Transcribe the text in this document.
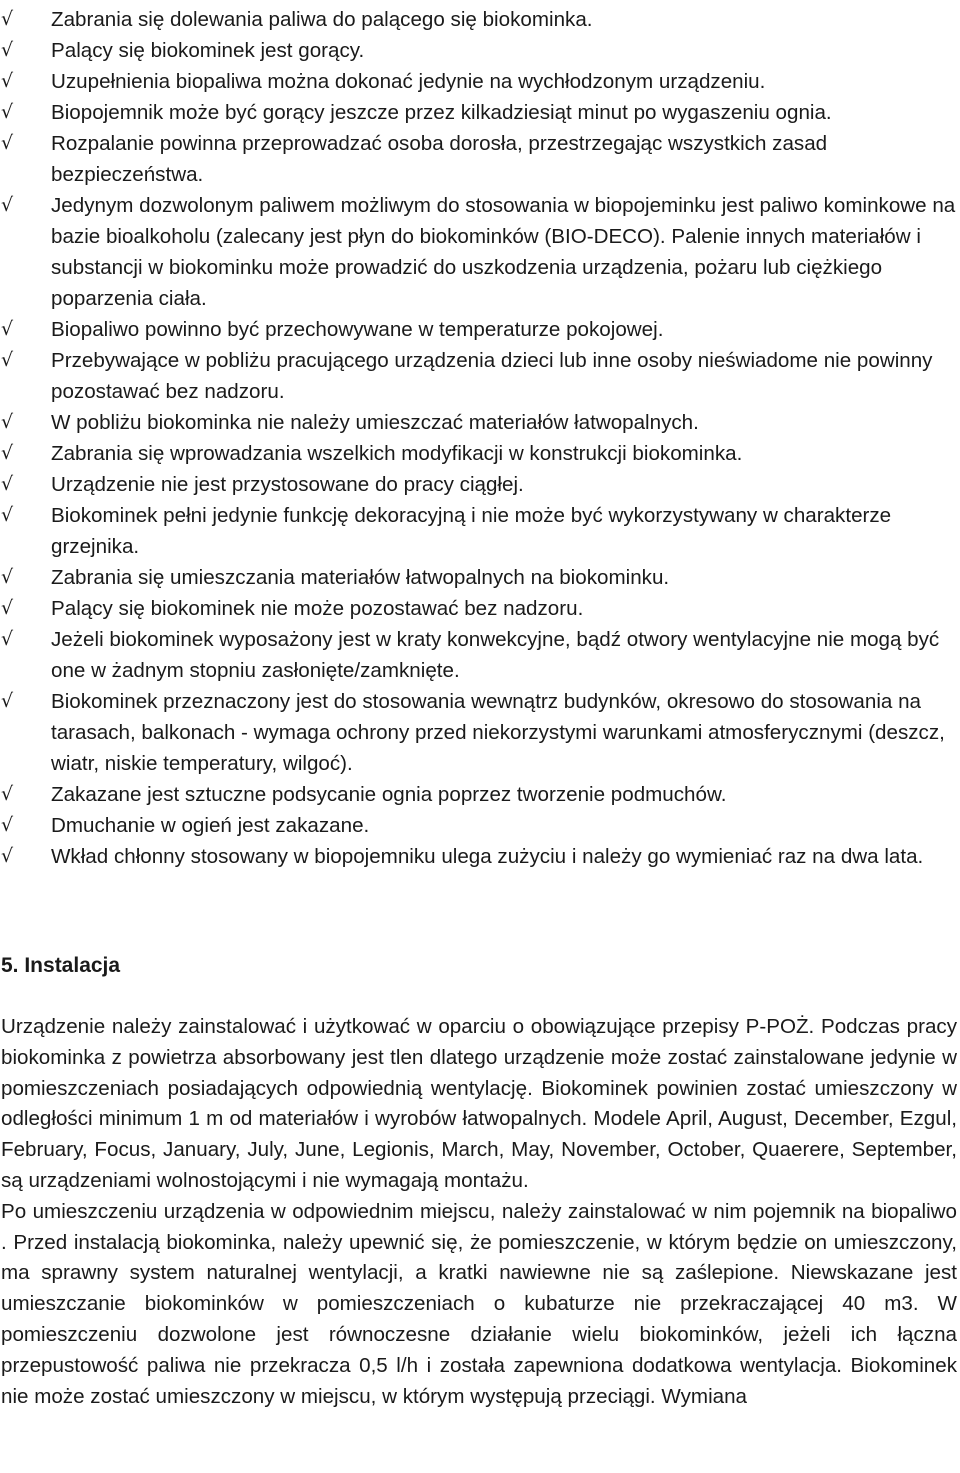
√ Zabrania się dolewania paliwa do palącego się biokominka.
√ Palący się biokominek jest gorący.
√ Uzupełnienia biopaliwa można dokonać jedynie na wychłodzonym urządzeniu.
√ Biopojemnik może być gorący jeszcze przez kilkadziesiąt minut po wygaszeniu ognia.
√ Rozpalanie powinna przeprowadzać osoba dorosła, przestrzegając wszystkich zasad bezpieczeństwa.
√ Jedynym dozwolonym paliwem możliwym do stosowania w biopojeminku jest paliwo kominkowe na bazie bioalkoholu (zalecany jest płyn do biokominków (BIO-DECO). Palenie innych materiałów i substancji w biokominku może prowadzić do uszkodzenia urządzenia, pożaru lub ciężkiego poparzenia ciała.
√ Biopaliwo powinno być przechowywane w temperaturze pokojowej.
√ Przebywające w pobliżu pracującego urządzenia dzieci lub inne osoby nieświadome nie powinny pozostawać bez nadzoru.
√ W pobliżu biokominka nie należy umieszczać materiałów łatwopalnych.
√ Zabrania się wprowadzania wszelkich modyfikacji w konstrukcji biokominka.
√ Urządzenie nie jest przystosowane do pracy ciągłej.
√ Biokominek pełni jedynie funkcję dekoracyjną i nie może być wykorzystywany w charakterze grzejnika.
√ Zabrania się umieszczania materiałów łatwopalnych na biokominku.
√ Palący się biokominek nie może pozostawać bez nadzoru.
√ Jeżeli biokominek wyposażony jest w kraty konwekcyjne, bądź otwory wentylacyjne nie mogą być one w żadnym stopniu zasłonięte/zamknięte.
√ Biokominek przeznaczony jest do stosowania wewnątrz budynków, okresowo do stosowania na tarasach, balkonach - wymaga ochrony przed niekorzystymi warunkami atmosferycznymi (deszcz, wiatr, niskie temperatury, wilgoć).
√ Zakazane jest sztuczne podsycanie ognia poprzez tworzenie podmuchów.
√ Dmuchanie w ogień jest zakazane.
√ Wkład chłonny stosowany w biopojemniku ulega zużyciu i należy go wymieniać raz na dwa lata.
5. Instalacja

Urządzenie należy zainstalować i użytkować w oparciu o obowiązujące przepisy P-POŻ. Podczas pracy biokominka z powietrza absorbowany jest tlen dlatego urządzenie może zostać zainstalowane jedynie w pomieszczeniach posiadających odpowiednią wentylację. Biokominek powinien zostać umieszczony w odległości minimum 1 m od materiałów i wyrobów łatwopalnych. Modele April, August, December, Ezgul, February, Focus, January, July, June, Legionis, March, May, November, October, Quaerere, September, są urządzeniami wolnostojącymi i nie wymagają montażu.

Po umieszczeniu urządzenia w odpowiednim miejscu, należy zainstalować w nim pojemnik na biopaliwo . Przed instalacją biokominka, należy upewnić się, że pomieszczenie, w którym będzie on umieszczony, ma sprawny system naturalnej wentylacji, a kratki nawiewne nie są zaślepione. Niewskazane jest umieszczanie biokominków w pomieszczeniach o kubaturze nie przekraczającej 40 m3. W pomieszczeniu dozwolone jest równoczesne działanie wielu biokominków, jeżeli ich łączna przepustowość paliwa nie przekracza 0,5 l/h i została zapewniona dodatkowa wentylacja. Biokominek nie może zostać umieszczony w miejscu, w którym występują przeciągi. Wymiana
